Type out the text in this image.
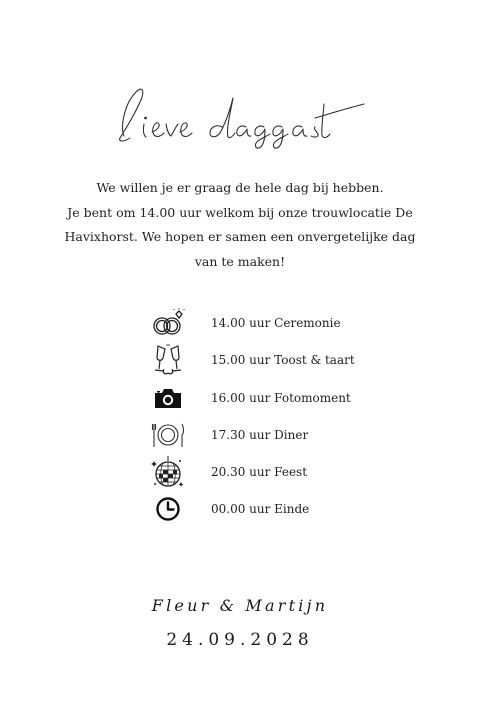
We willen je er graag de hele dag bij hebben.
Je bent om 14.00 uur welkom bij onze trouwlocatie De
Havixhorst. We hopen er samen een onvergetelijke dag
van te maken!
14.00 uur Ceremonie
15.00 uur Toost & taart
16.00 uur Fotomoment
17.30 uur Diner
20.30 uur Feest
00.00 uur Einde
Fleur & Martijn
24.09.2028
